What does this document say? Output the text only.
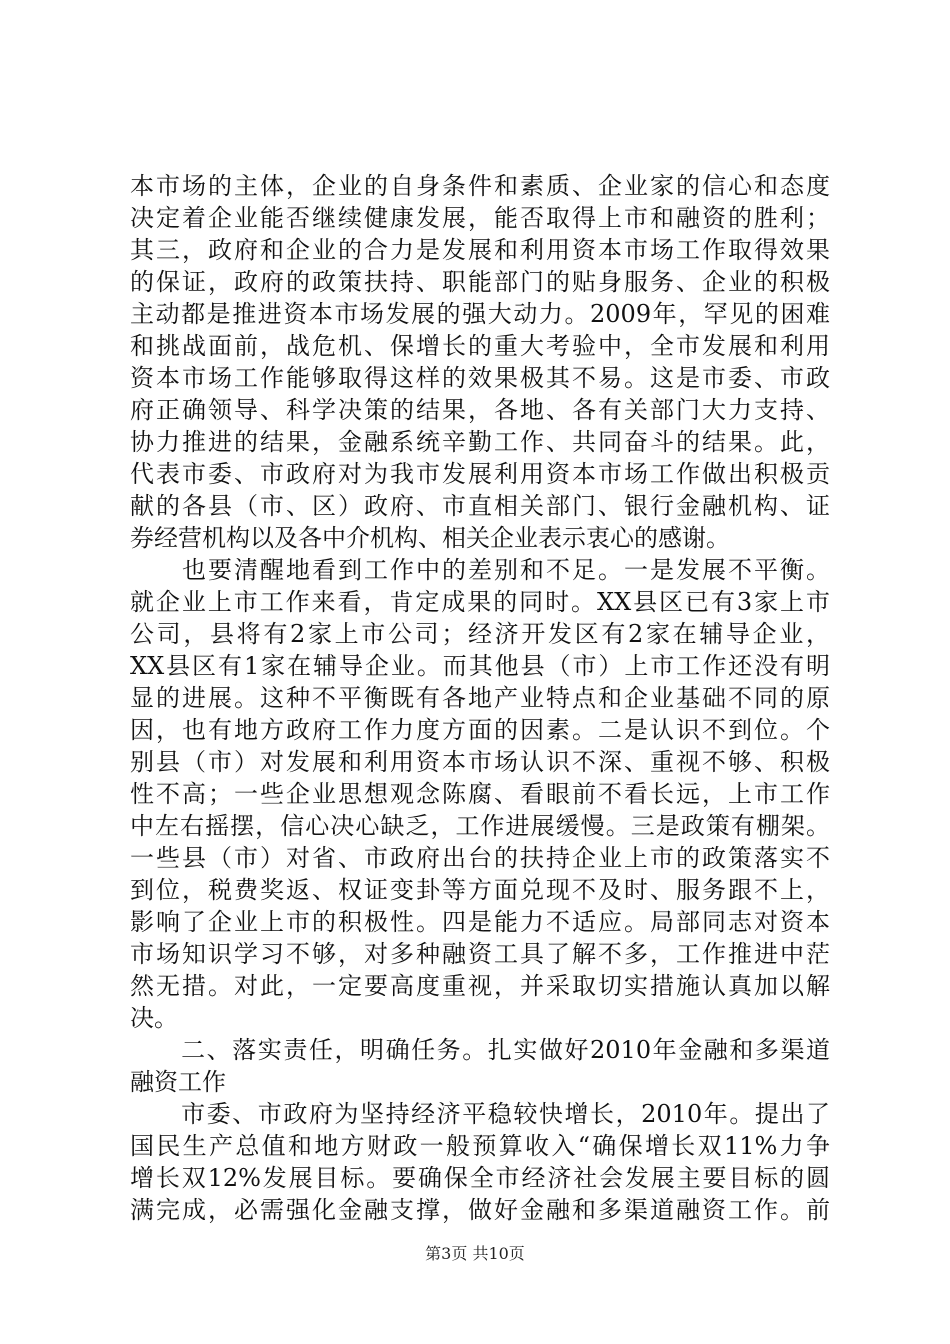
本市场的主体，企业的自身条件和素质、企业家的信心和态度
决定着企业能否继续健康发展，能否取得上市和融资的胜利；
其三，政府和企业的合力是发展和利用资本市场工作取得效果
的保证，政府的政策扶持、职能部门的贴身服务、企业的积极
主动都是推进资本市场发展的强大动力。2009年，罕见的困难
和挑战面前，战危机、保增长的重大考验中，全市发展和利用
资本市场工作能够取得这样的效果极其不易。这是市委、市政
府正确领导、科学决策的结果，各地、各有关部门大力支持、
协力推进的结果，金融系统辛勤工作、共同奋斗的结果。此，
代表市委、市政府对为我市发展利用资本市场工作做出积极贡
献的各县（市、区）政府、市直相关部门、银行金融机构、证
券经营机构以及各中介机构、相关企业表示衷心的感谢。
　　也要清醒地看到工作中的差别和不足。一是发展不平衡。
就企业上市工作来看，肯定成果的同时。XX县区已有3家上市
公司，县将有2家上市公司；经济开发区有2家在辅导企业，
XX县区有1家在辅导企业。而其他县（市）上市工作还没有明
显的进展。这种不平衡既有各地产业特点和企业基础不同的原
因，也有地方政府工作力度方面的因素。二是认识不到位。个
别县（市）对发展和利用资本市场认识不深、重视不够、积极
性不高；一些企业思想观念陈腐、看眼前不看长远，上市工作
中左右摇摆，信心决心缺乏，工作进展缓慢。三是政策有棚架。
一些县（市）对省、市政府出台的扶持企业上市的政策落实不
到位，税费奖返、权证变卦等方面兑现不及时、服务跟不上，
影响了企业上市的积极性。四是能力不适应。局部同志对资本
市场知识学习不够，对多种融资工具了解不多，工作推进中茫
然无措。对此，一定要高度重视，并采取切实措施认真加以解
决。
　　二、落实责任，明确任务。扎实做好2010年金融和多渠道
融资工作
　　市委、市政府为坚持经济平稳较快增长，2010年。提出了
国民生产总值和地方财政一般预算收入“确保增长双11%力争
增长双12%发展目标。要确保全市经济社会发展主要目标的圆
满完成，必需强化金融支撑，做好金融和多渠道融资工作。前
第3页 共10页
